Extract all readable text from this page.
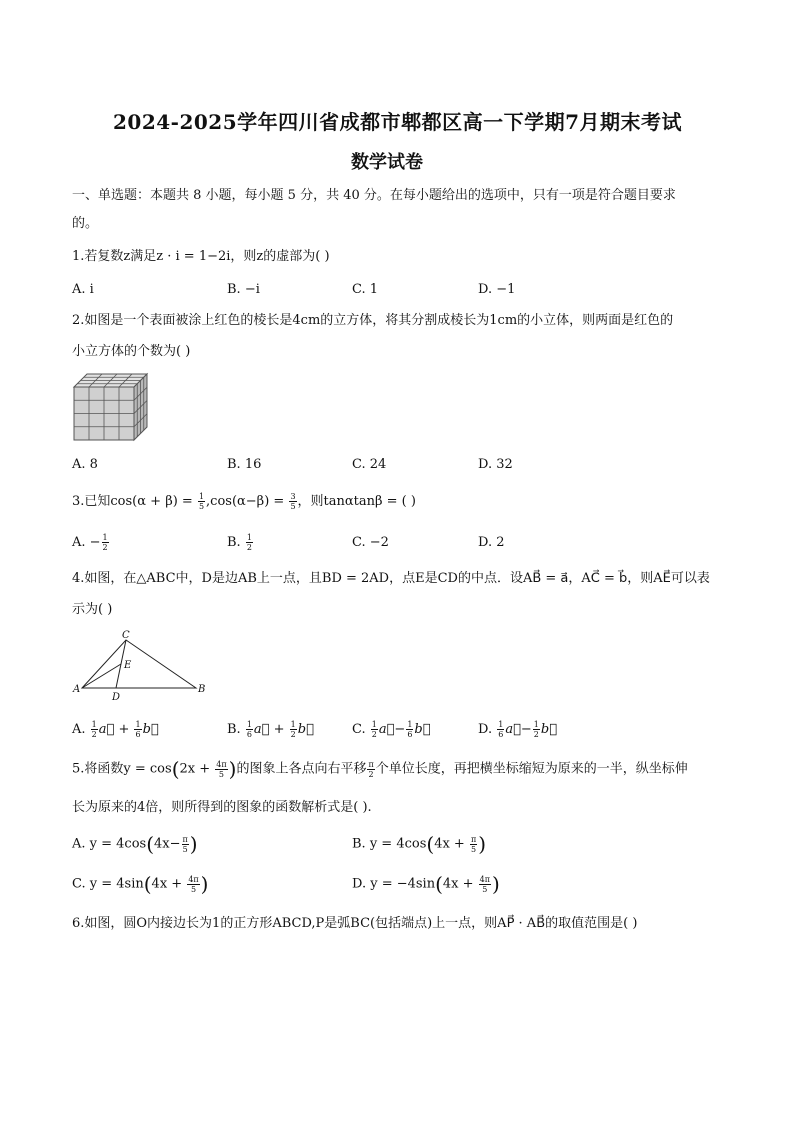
2024-2025学年四川省成都市郫都区高一下学期7月期末考试
数学试卷
一、单选题：本题共 8 小题，每小题 5 分，共 40 分。在每小题给出的选项中，只有一项是符合题目要求
的。
1.若复数z满足z · i = 1−2i，则z的虚部为( )
A. i	B. −i	C. 1	D. −1
2.如图是一个表面被涂上红色的棱长是4cm的立方体，将其分割成棱长为1cm的小立体，则两面是红色的
小立方体的个数为( )
A. 8	B. 16	C. 24	D. 32
3.已知$\cos(\alpha + \beta) = \frac{1}{5} ,\cos(\alpha-\beta) = \frac{3}{5}$ ，则tanαtanβ = ( )
A. − $\frac{1}{2}$	B. $\frac{1}{2}$	C. −2	D. 2
4.如图，在△ABC中，D是边AB上一点，且BD = 2AD，点E是CD的中点．设AB⃗ = a⃗，AC⃗ = b⃗，则AE⃗可以表
示为( )
C
E
A
D
B
A. $\frac{1}{2}$ a⃗ + $\frac{1}{6}$ b⃗	B. $\frac{1}{6}$ a⃗ + $\frac{1}{2}$ b⃗	C. $\frac{1}{2}$ a⃗− $\frac{1}{6}$ b⃗	D. $\frac{1}{6}$ a⃗− $\frac{1}{2}$ b⃗
5.将函数$y = \cos(2x + \frac{4\pi}{5}$ )的图象上各点向右平移 $\frac{\pi}{2}$ 个单位长度，再把横坐标缩短为原来的一半，纵坐标伸
长为原来的4倍，则所得到的图象的函数解析式是( ).
A. $y = 4\cos(4x- \frac{\pi}{5}$ )	B. $y = 4\cos(4x + \frac{\pi}{5}$ )
C. $y = 4\sin(4x + \frac{4\pi}{5}$ )	D. $y = -4\sin(4x + \frac{4\pi}{5}$ )
6.如图，圆O内接边长为1的正方形ABCD,P是弧BC(包括端点)上一点，则AP⃗ · AB⃗的取值范围是( )
